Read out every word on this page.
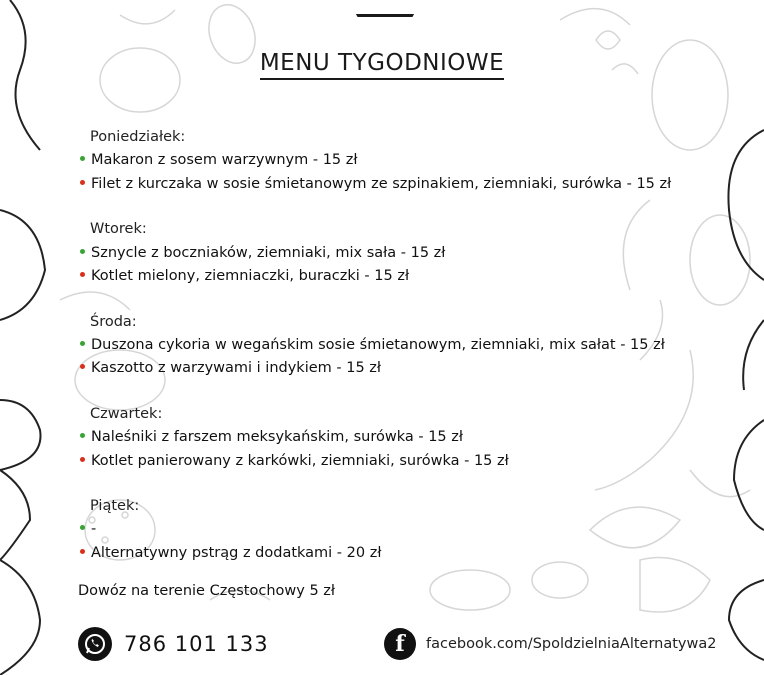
MENU TYGODNIOWE
Poniedziałek:
Makaron z sosem warzywnym - 15 zł
Filet z kurczaka w sosie śmietanowym ze szpinakiem, ziemniaki, surówka - 15 zł
Wtorek:
Sznycle z boczniaków, ziemniaki, mix sała - 15 zł
Kotlet mielony, ziemniaczki, buraczki - 15 zł
Środa:
Duszona cykoria w wegańskim sosie śmietanowym, ziemniaki, mix sałat - 15 zł
Kaszotto z warzywami i indykiem - 15 zł
Czwartek:
Naleśniki z farszem meksykańskim, surówka - 15 zł
Kotlet panierowany z karkówki, ziemniaki, surówka - 15 zł
Piątek:
-
Alternatywny pstrąg z dodatkami - 20 zł
Dowóz na terenie Częstochowy 5 zł
786 101 133	f	facebook.com/SpoldzielniaAlternatywa2
